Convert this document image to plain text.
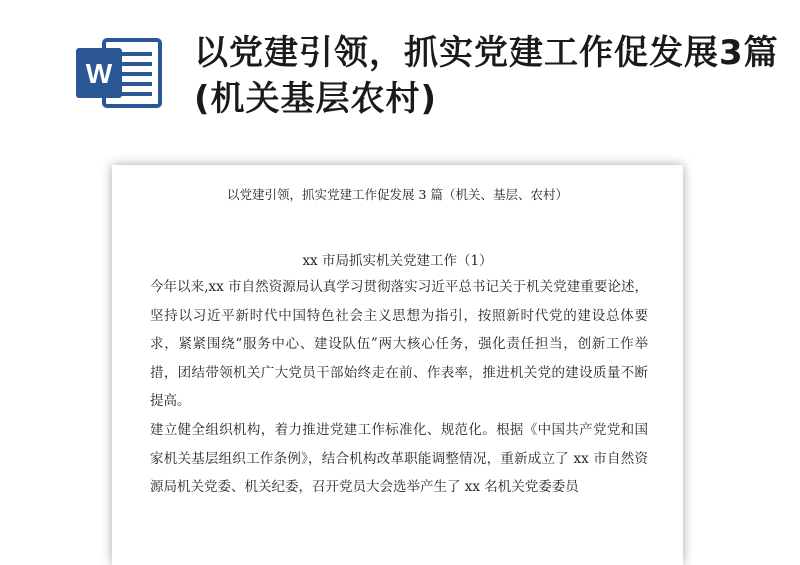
W
以党建引领，抓实党建工作促发展3篇(机关基层农村)
以党建引领，抓实党建工作促发展 3 篇（机关、基层、农村）
xx 市局抓实机关党建工作（1）

今年以来,xx 市自然资源局认真学习贯彻落实习近平总书记关于机关党建重要论述，坚持以习近平新时代中国特色社会主义思想为指引，按照新时代党的建设总体要求，紧紧围绕“服务中心、建设队伍”两大核心任务，强化责任担当，创新工作举措，团结带领机关广大党员干部始终走在前、作表率，推进机关党的建设质量不断提高。

建立健全组织机构，着力推进党建工作标准化、规范化。根据《中国共产党党和国家机关基层组织工作条例》，结合机构改革职能调整情况，重新成立了 xx 市自然资源局机关党委、机关纪委，召开党员大会选举产生了 xx 名机关党委委员
